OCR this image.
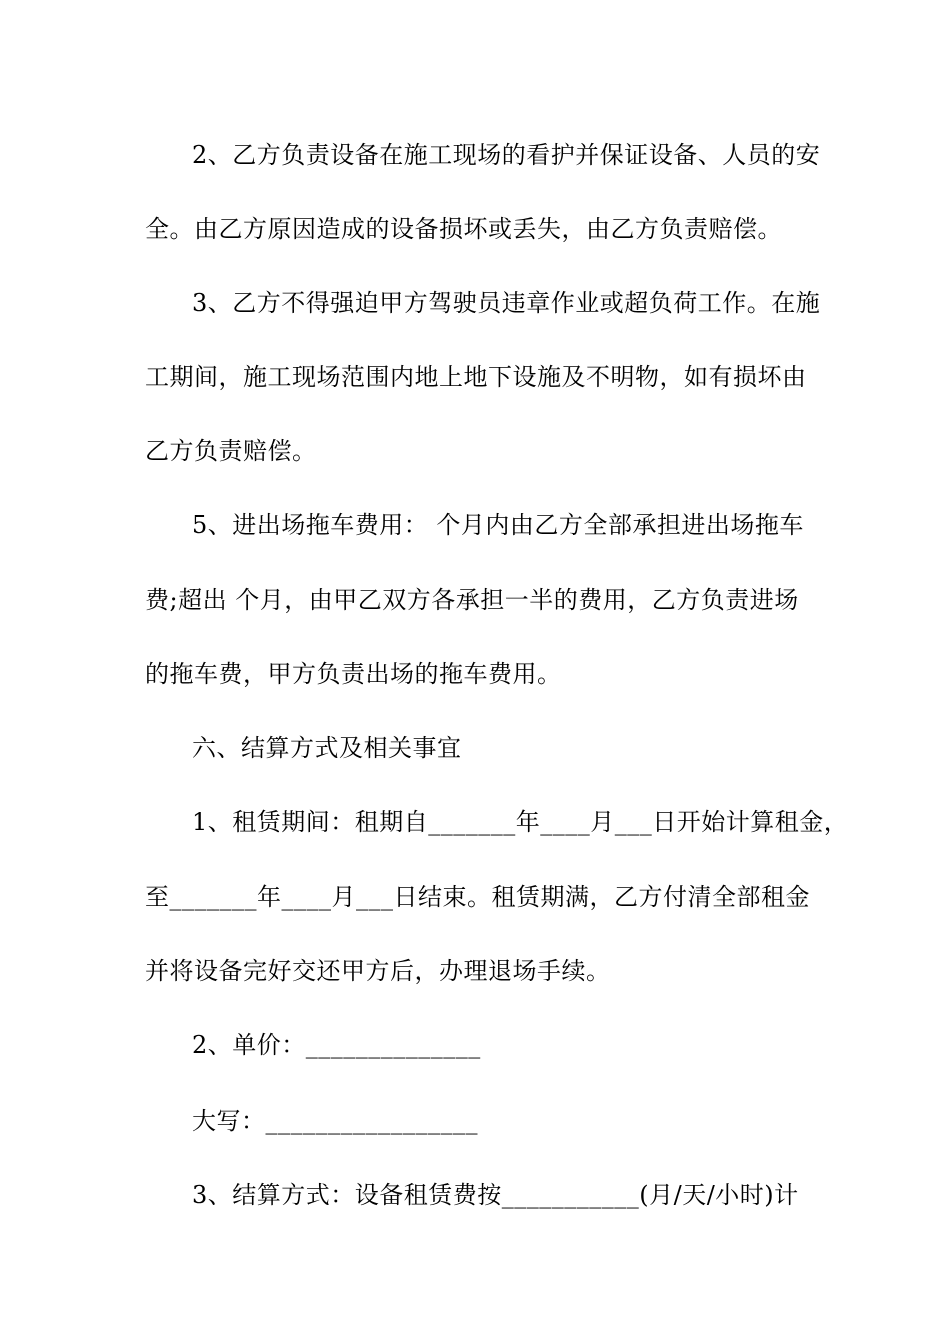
2、乙方负责设备在施工现场的看护并保证设备、人员的安
全。由乙方原因造成的设备损坏或丢失，由乙方负责赔偿。
3、乙方不得强迫甲方驾驶员违章作业或超负荷工作。在施
工期间，施工现场范围内地上地下设施及不明物，如有损坏由
乙方负责赔偿。
5、进出场拖车费用： 个月内由乙方全部承担进出场拖车
费;超出 个月，由甲乙双方各承担一半的费用，乙方负责进场
的拖车费，甲方负责出场的拖车费用。
六、结算方式及相关事宜
1、租赁期间：租期自_______年____月___日开始计算租金，
至_______年____月___日结束。租赁期满，乙方付清全部租金
并将设备完好交还甲方后，办理退场手续。
2、单价：______________
大写：_________________
3、结算方式：设备租赁费按___________(月/天/小时)计
